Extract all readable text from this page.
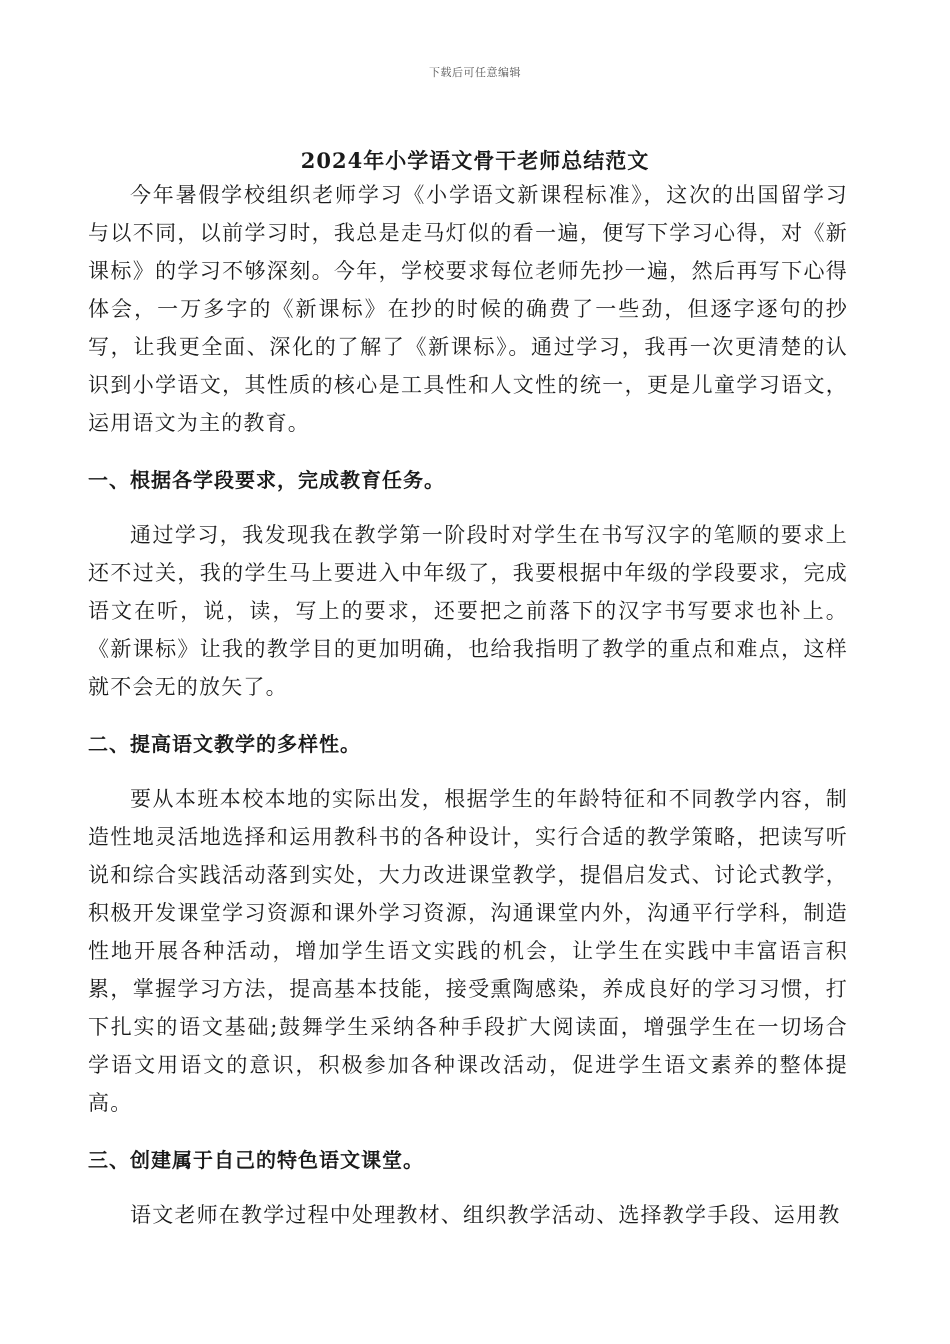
下载后可任意编辑
2024年小学语文骨干老师总结范文

今年暑假学校组织老师学习《小学语文新课程标准》，这次的出国留学习与以不同，以前学习时，我总是走马灯似的看一遍，便写下学习心得，对《新课标》的学习不够深刻。今年，学校要求每位老师先抄一遍，然后再写下心得体会，一万多字的《新课标》在抄的时候的确费了一些劲，但逐字逐句的抄写，让我更全面、深化的了解了《新课标》。通过学习，我再一次更清楚的认识到小学语文，其性质的核心是工具性和人文性的统一，更是儿童学习语文，运用语文为主的教育。

一、根据各学段要求，完成教育任务。

通过学习，我发现我在教学第一阶段时对学生在书写汉字的笔顺的要求上还不过关，我的学生马上要进入中年级了，我要根据中年级的学段要求，完成语文在听，说，读，写上的要求，还要把之前落下的汉字书写要求也补上。《新课标》让我的教学目的更加明确，也给我指明了教学的重点和难点，这样就不会无的放矢了。

二、提高语文教学的多样性。

要从本班本校本地的实际出发，根据学生的年龄特征和不同教学内容，制造性地灵活地选择和运用教科书的各种设计，实行合适的教学策略，把读写听说和综合实践活动落到实处，大力改进课堂教学，提倡启发式、讨论式教学，积极开发课堂学习资源和课外学习资源，沟通课堂内外，沟通平行学科，制造性地开展各种活动，增加学生语文实践的机会，让学生在实践中丰富语言积累，掌握学习方法，提高基本技能，接受熏陶感染，养成良好的学习习惯，打下扎实的语文基础;鼓舞学生采纳各种手段扩大阅读面，增强学生在一切场合学语文用语文的意识，积极参加各种课改活动，促进学生语文素养的整体提高。

三、创建属于自己的特色语文课堂。

语文老师在教学过程中处理教材、组织教学活动、选择教学手段、运用教
